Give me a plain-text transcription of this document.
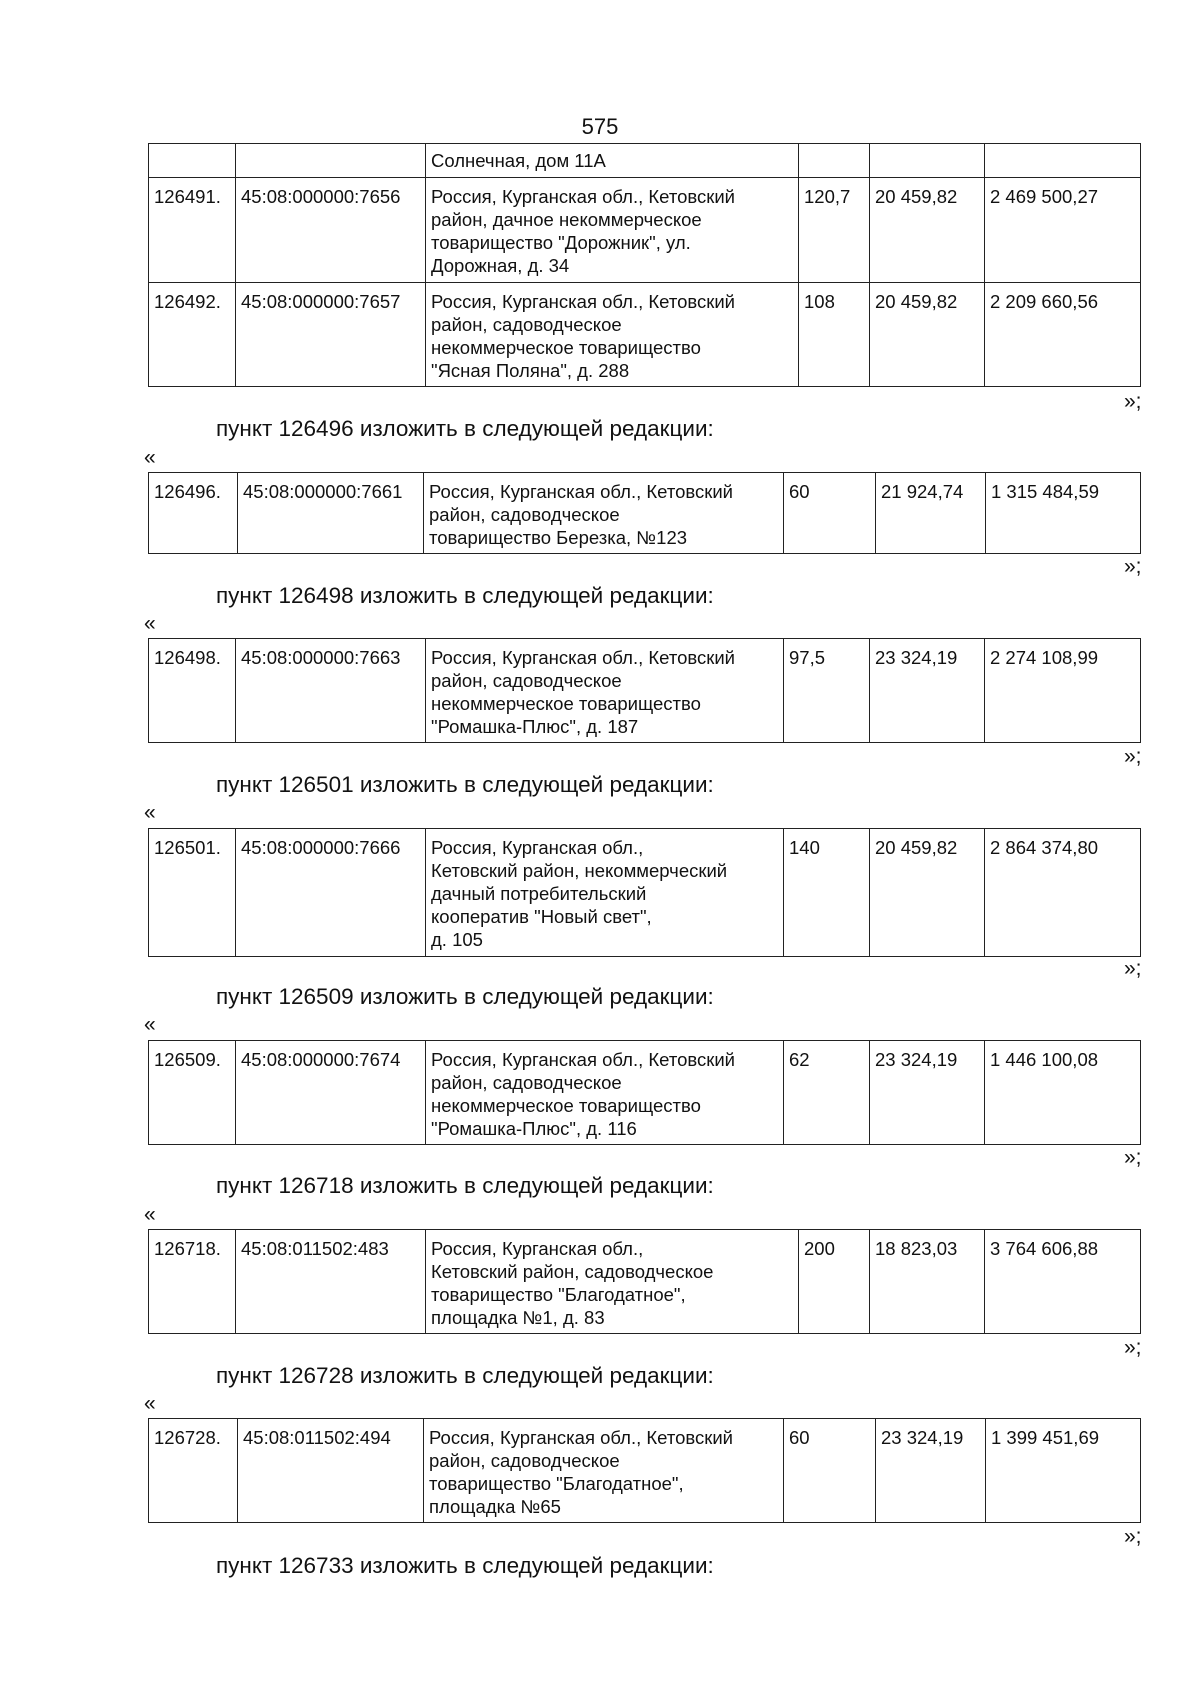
575
		Солнечная, дом 11А			
126491.	45:08:000000:7656	Россия, Курганская обл., Кетовский
район, дачное некоммерческое
товарищество "Дорожник", ул.
Дорожная, д. 34	120,7	20 459,82	2 469 500,27
126492.	45:08:000000:7657	Россия, Курганская обл., Кетовский
район, садоводческое
некоммерческое товарищество
"Ясная Поляна", д. 288	108	20 459,82	2 209 660,56
»;
пункт 126496 изложить в следующей редакции:
«
126496.	45:08:000000:7661	Россия, Курганская обл., Кетовский
район, садоводческое
товарищество Березка, №123	60	21 924,74	1 315 484,59
»;
пункт 126498 изложить в следующей редакции:
«
126498.	45:08:000000:7663	Россия, Курганская обл., Кетовский
район, садоводческое
некоммерческое товарищество
"Ромашка-Плюс", д. 187	97,5	23 324,19	2 274 108,99
»;
пункт 126501 изложить в следующей редакции:
«
126501.	45:08:000000:7666	Россия, Курганская обл.,
Кетовский район, некоммерческий
дачный потребительский
кооператив "Новый свет",
д. 105	140	20 459,82	2 864 374,80
»;
пункт 126509 изложить в следующей редакции:
«
126509.	45:08:000000:7674	Россия, Курганская обл., Кетовский
район, садоводческое
некоммерческое товарищество
"Ромашка-Плюс", д. 116	62	23 324,19	1 446 100,08
»;
пункт 126718 изложить в следующей редакции:
«
126718.	45:08:011502:483	Россия, Курганская обл.,
Кетовский район, садоводческое
товарищество "Благодатное",
площадка №1, д. 83	200	18 823,03	3 764 606,88
»;
пункт 126728 изложить в следующей редакции:
«
126728.	45:08:011502:494	Россия, Курганская обл., Кетовский
район, садоводческое
товарищество "Благодатное",
площадка №65	60	23 324,19	1 399 451,69
»;
пункт 126733 изложить в следующей редакции:
